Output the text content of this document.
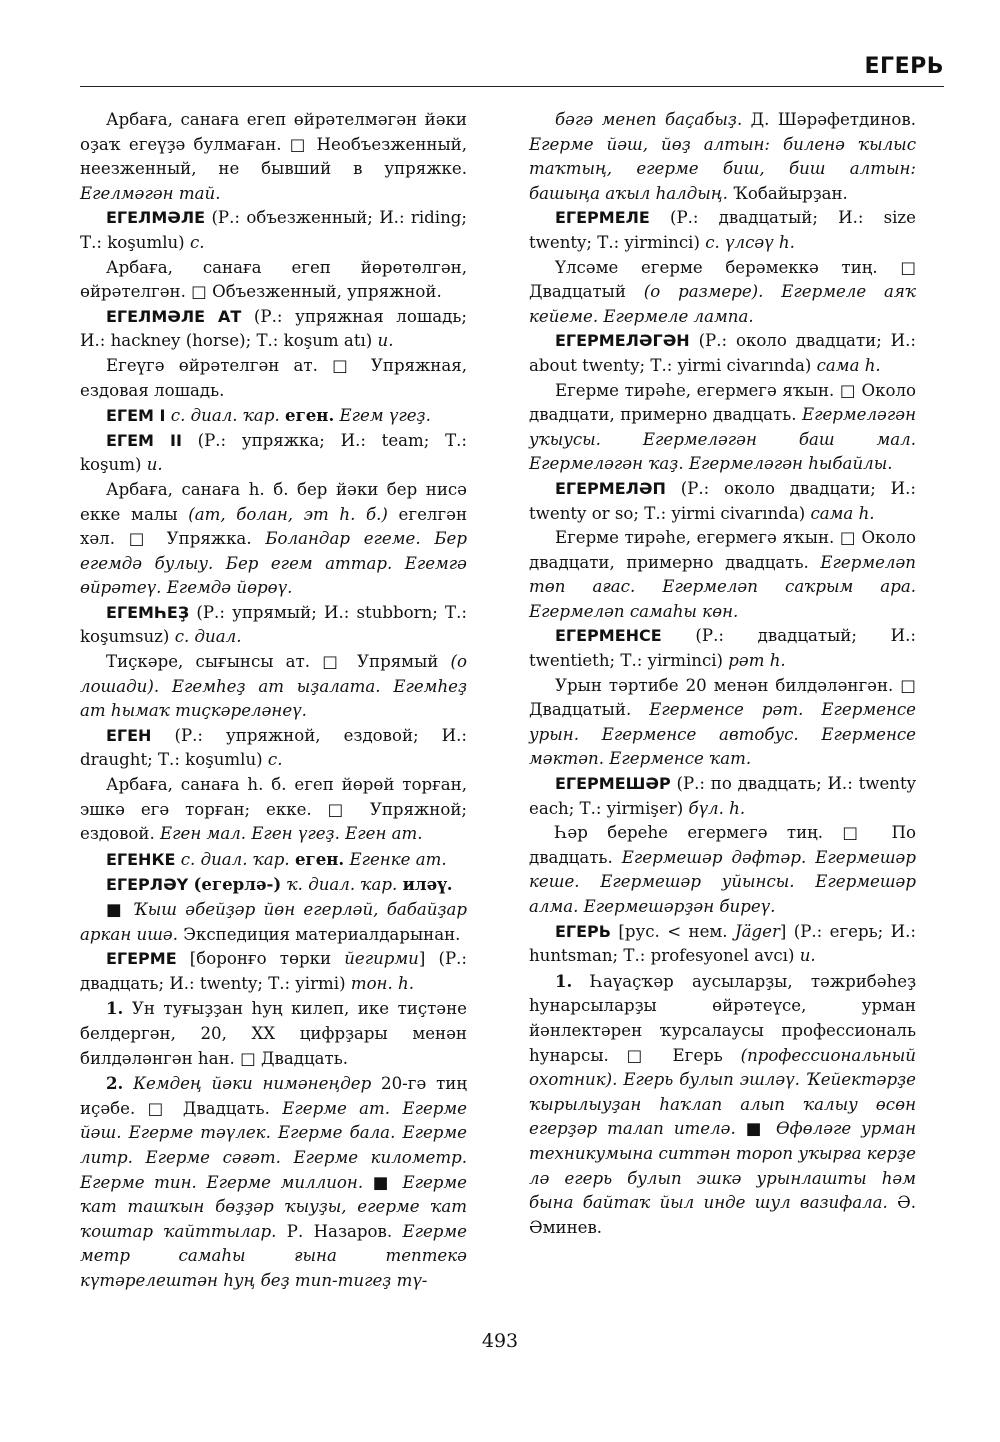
ЕГЕРЬ

Арбаға, санаға егеп өйрәтелмәгән йәки оҙаҡ егеүҙә булмаған. □ Необъезженный, неезженный, не бывший в упряжке. Егелмәгән тай.

ЕГЕЛМӘЛЕ (Р.: объезженный; И.: riding; Т.: koşumlu) с.

Арбаға, санаға егеп йөрөтөлгән, өйрәтелгән. □ Объезженный, упряжной.

ЕГЕЛМӘЛЕ АТ (Р.: упряжная лошадь; И.: hackney (horse); Т.: koşum atı) и.

Егеүгә өйрәтелгән ат. □ Упряжная, ездовая лошадь.

ЕГЕМ I с. диал. ҡар. еген. Егем үгеҙ.

ЕГЕМ II (Р.: упряжка; И.: team; Т.: koşum) и.

Арбаға, санаға һ. б. бер йәки бер нисә екке малы (ат, болан, эт һ. б.) егелгән хәл. □ Упряжка. Боландар егеме. Бер егемдә булыу. Бер егем аттар. Егемгә өйрәтеү. Егемдә йөрөү.

ЕГЕМҺЕҘ (Р.: упрямый; И.: stubborn; Т.: koşumsuz) с. диал.

Тиҫкәре, сығынсы ат. □ Упрямый (о лошади). Егемһеҙ ат ыҙалата. Егемһеҙ ат һымаҡ тиҫкәреләнеү.

ЕГЕН (Р.: упряжной, ездовой; И.: draught; Т.: koşumlu) с.

Арбаға, санаға һ. б. егеп йөрөй торған, эшкә егә торған; екке. □ Упряжной; ездовой. Еген мал. Еген үгеҙ. Еген ат.

ЕГЕНКЕ с. диал. ҡар. еген. Егенке ат.

ЕГЕРЛӘҮ (егерлә-) ҡ. диал. ҡар. иләү.

■ Ҡыш әбейҙәр йөн егерләй, бабайҙар аркан ишә. Экспедиция материалдарынан.

ЕГЕРМЕ [боронғо төрки йегирми] (Р.: двадцать; И.: twenty; Т.: yirmi) тон. һ.

1. Ун туғыҙҙан һуң килеп, ике тиҫтәне белдергән, 20, XX цифрҙары менән билдәләнгән һан. □ Двадцать.

2. Кемдең йәки нимәнеңдер 20-гә тиң иҫәбе. □ Двадцать. Егерме ат. Егерме йәш. Егерме тәүлек. Егерме бала. Егерме литр. Егерме сәғәт. Егерме километр. Егерме тин. Егерме миллион. ■ Егерме ҡат ташҡын бөҙҙәр ҡыуҙы, егерме ҡат ҡоштар ҡайттылар. Р. Назаров. Егерме метр самаһы ғына тептекә күтәрелештән һуң беҙ тип-тигеҙ тү-

бәгә менеп баҫабыҙ. Д. Шәрәфетдинов. Егерме йәш, йөҙ алтын: биленә ҡылыс таҡтың, егерме биш, биш алтын: башыңа аҡыл һалдың. Ҡобайырҙан.

ЕГЕРМЕЛЕ (Р.: двадцатый; И.: size twenty; Т.: yirminci) с. үлсәү һ.

Үлсәме егерме берәмеккә тиң. □ Двадцатый (о размере). Егермеле аяҡ кейеме. Егермеле лампа.

ЕГЕРМЕЛӘГӘН (Р.: около двадцати; И.: about twenty; Т.: yirmi civarında) сама һ.

Егерме тирәһе, егермегә яҡын. □ Около двадцати, примерно двадцать. Егермеләгән уҡыусы. Егермеләгән баш мал. Егермеләгән ҡаҙ. Егермеләгән һыбайлы.

ЕГЕРМЕЛӘП (Р.: около двадцати; И.: twenty or so; Т.: yirmi civarında) сама һ.

Егерме тирәһе, егермегә яҡын. □ Около двадцати, примерно двадцать. Егермеләп төп ағас. Егермеләп саҡрым ара. Егермеләп самаһы көн.

ЕГЕРМЕНСЕ (Р.: двадцатый; И.: twentieth; Т.: yirminci) рәт һ.

Урын тәртибе 20 менән билдәләнгән. □ Двадцатый. Егерменсе рәт. Егерменсе урын. Егерменсе автобус. Егерменсе мәктәп. Егерменсе ҡат.

ЕГЕРМЕШӘР (Р.: по двадцать; И.: twenty each; Т.: yirmişer) бүл. һ.

Һәр береһе егермегә тиң. □ По двадцать. Егермешәр дәфтәр. Егермешәр кеше. Егермешәр уйынсы. Егермешәр алма. Егермешәрҙән биреү.

ЕГЕРЬ [рус. < нем. Jäger] (Р.: егерь; И.: huntsman; Т.: profesyonel avcı) и.

1. Һаүаҫҡәр аусыларҙы, тәжрибәһеҙ һунарсыларҙы өйрәтеүсе, урман йәнлектәрен ҡурсалаусы профессиональ һунарсы. □ Егерь (профессиональный охотник). Егерь булып эшләү. Ҡейектәрҙе ҡырылыуҙан һаҡлап алып ҡалыу өсөн егерҙәр талап ителә. ■ Өфөләге урман техникумына ситтән тороп уҡырға керҙе лә егерь булып эшкә урынлашты һәм бына байтаҡ йыл инде шул вазифала. Ә. Әминев.

493
